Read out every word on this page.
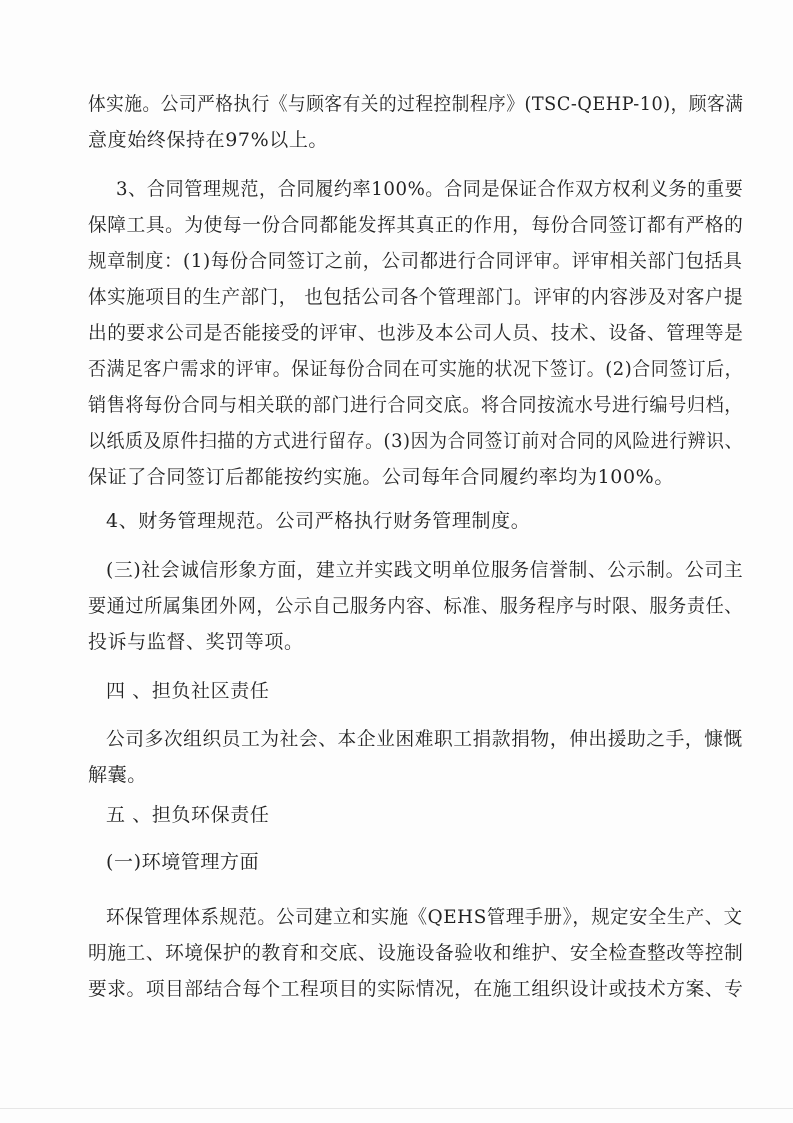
体实施。公司严格执行《与顾客有关的过程控制程序》(TSC-QEHP-10)，顾客满
意度始终保持在97%以上。
3、合同管理规范，合同履约率100%。合同是保证合作双方权利义务的重要
保障工具。为使每一份合同都能发挥其真正的作用，每份合同签订都有严格的
规章制度：(1)每份合同签订之前，公司都进行合同评审。评审相关部门包括具
体实施项目的生产部门， 也包括公司各个管理部门。评审的内容涉及对客户提
出的要求公司是否能接受的评审、也涉及本公司人员、技术、设备、管理等是
否满足客户需求的评审。保证每份合同在可实施的状况下签订。(2)合同签订后，
销售将每份合同与相关联的部门进行合同交底。将合同按流水号进行编号归档，
以纸质及原件扫描的方式进行留存。(3)因为合同签订前对合同的风险进行辨识、
保证了合同签订后都能按约实施。公司每年合同履约率均为100%。
4、财务管理规范。公司严格执行财务管理制度。
(三)社会诚信形象方面，建立并实践文明单位服务信誉制、公示制。公司主
要通过所属集团外网，公示自己服务内容、标准、服务程序与时限、服务责任、
投诉与监督、奖罚等项。
四 、担负社区责任
公司多次组织员工为社会、本企业困难职工捐款捐物，伸出援助之手，慷慨
解囊。
五 、担负环保责任
(一)环境管理方面
环保管理体系规范。公司建立和实施《QEHS管理手册》，规定安全生产、文
明施工、环境保护的教育和交底、设施设备验收和维护、安全检查整改等控制
要求。项目部结合每个工程项目的实际情况，在施工组织设计或技术方案、专
